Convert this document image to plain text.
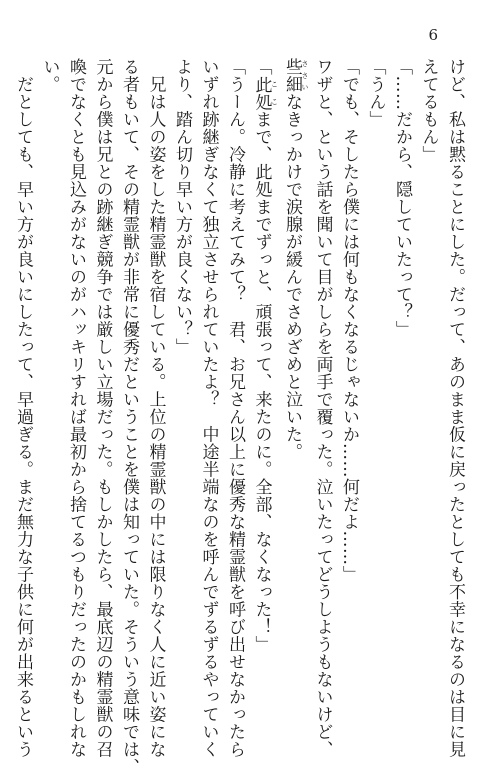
6

けど、私は黙ることにした。だって、あのまま仮に戻ったとしても不幸になるのは目に見

えてるもん」

「……だから、隠していたって？」

「うん」

「でも、そしたら僕には何もなくなるじゃないか……何だよ……」

ワザと、という話を聞いて目がしらを両手で覆った。泣いたってどうしようもないけど、

些細 ささいなきっかけで涙腺が緩んでさめざめと泣いた。

「此処 ここまで、此処までずっと、頑張って、来たのに。全部、なくなった！」

「うーん。冷静に考えてみて？　君、お兄さん以上に優秀な精霊獣を呼び出せなかったら

いずれ跡継ぎなくて独立させられていたよ？　中途半端なのを呼んでずるずるやっていく

より、踏ん切り早い方が良くない？」

　兄は人の姿をした精霊獣を宿している。上位の精霊獣の中には限りなく人に近い姿にな

る者もいて、その精霊獣が非常に優秀だということを僕は知っていた。そういう意味では、

元から僕は兄との跡継ぎ競争では厳しい立場だった。もしかしたら、最底辺の精霊獣の召

喚でなくとも見込みがないのがハッキリすれば最初から捨てるつもりだったのかもしれな

い。

　だとしても、早い方が良いにしたって、早過ぎる。まだ無力な子供に何が出来るという
